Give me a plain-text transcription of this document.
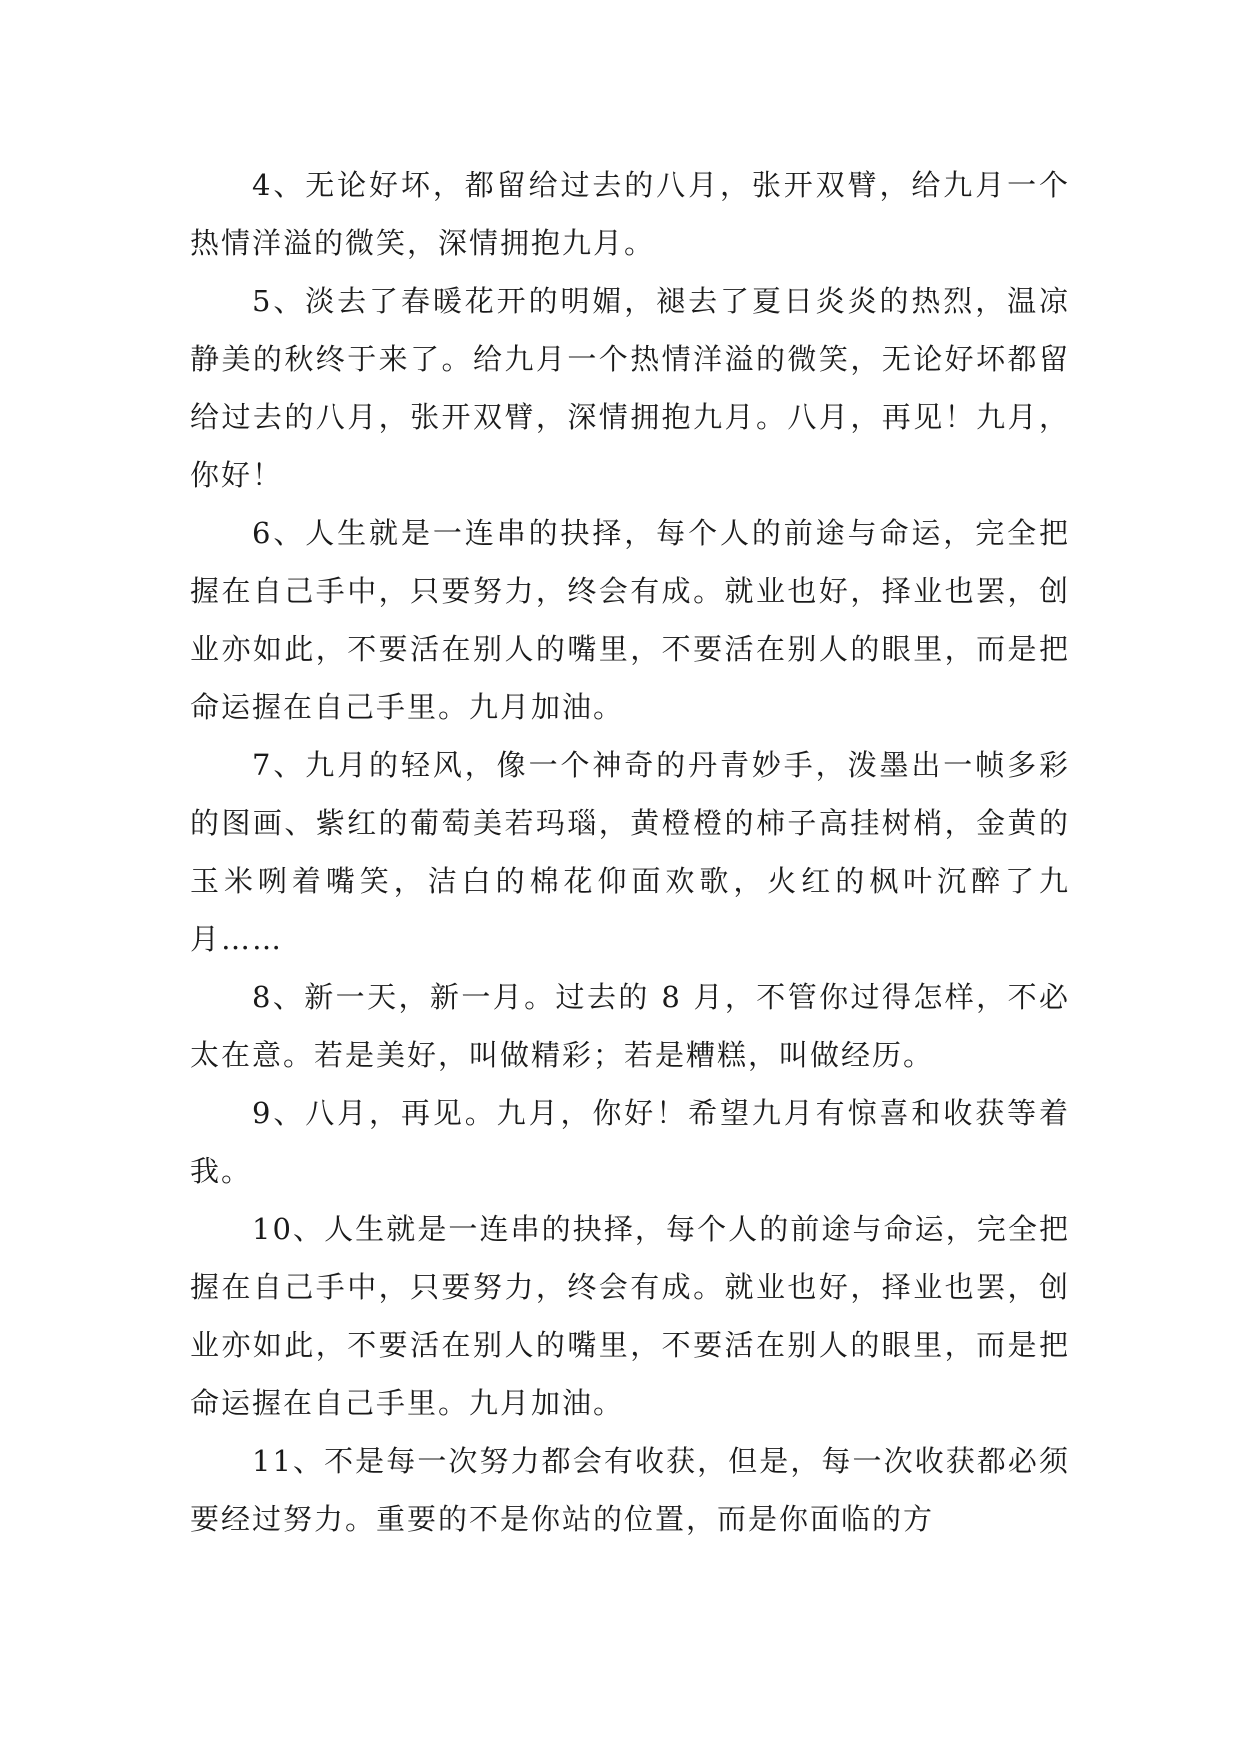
4、无论好坏，都留给过去的八月，张开双臂，给九月一个热情洋溢的微笑，深情拥抱九月。

5、淡去了春暖花开的明媚，褪去了夏日炎炎的热烈，温凉静美的秋终于来了。给九月一个热情洋溢的微笑，无论好坏都留给过去的八月，张开双臂，深情拥抱九月。八月，再见！九月，你好！

6、人生就是一连串的抉择，每个人的前途与命运，完全把握在自己手中，只要努力，终会有成。就业也好，择业也罢，创业亦如此，不要活在别人的嘴里，不要活在别人的眼里，而是把命运握在自己手里。九月加油。

7、九月的轻风，像一个神奇的丹青妙手，泼墨出一帧多彩的图画、紫红的葡萄美若玛瑙，黄橙橙的柿子高挂树梢，金黄的玉米咧着嘴笑，洁白的棉花仰面欢歌，火红的枫叶沉醉了九月……

8、新一天，新一月。过去的 8 月，不管你过得怎样，不必太在意。若是美好，叫做精彩；若是糟糕，叫做经历。

9、八月，再见。九月，你好！希望九月有惊喜和收获等着我。

10、人生就是一连串的抉择，每个人的前途与命运，完全把握在自己手中，只要努力，终会有成。就业也好，择业也罢，创业亦如此，不要活在别人的嘴里，不要活在别人的眼里，而是把命运握在自己手里。九月加油。

11、不是每一次努力都会有收获，但是，每一次收获都必须要经过努力。重要的不是你站的位置，而是你面临的方
